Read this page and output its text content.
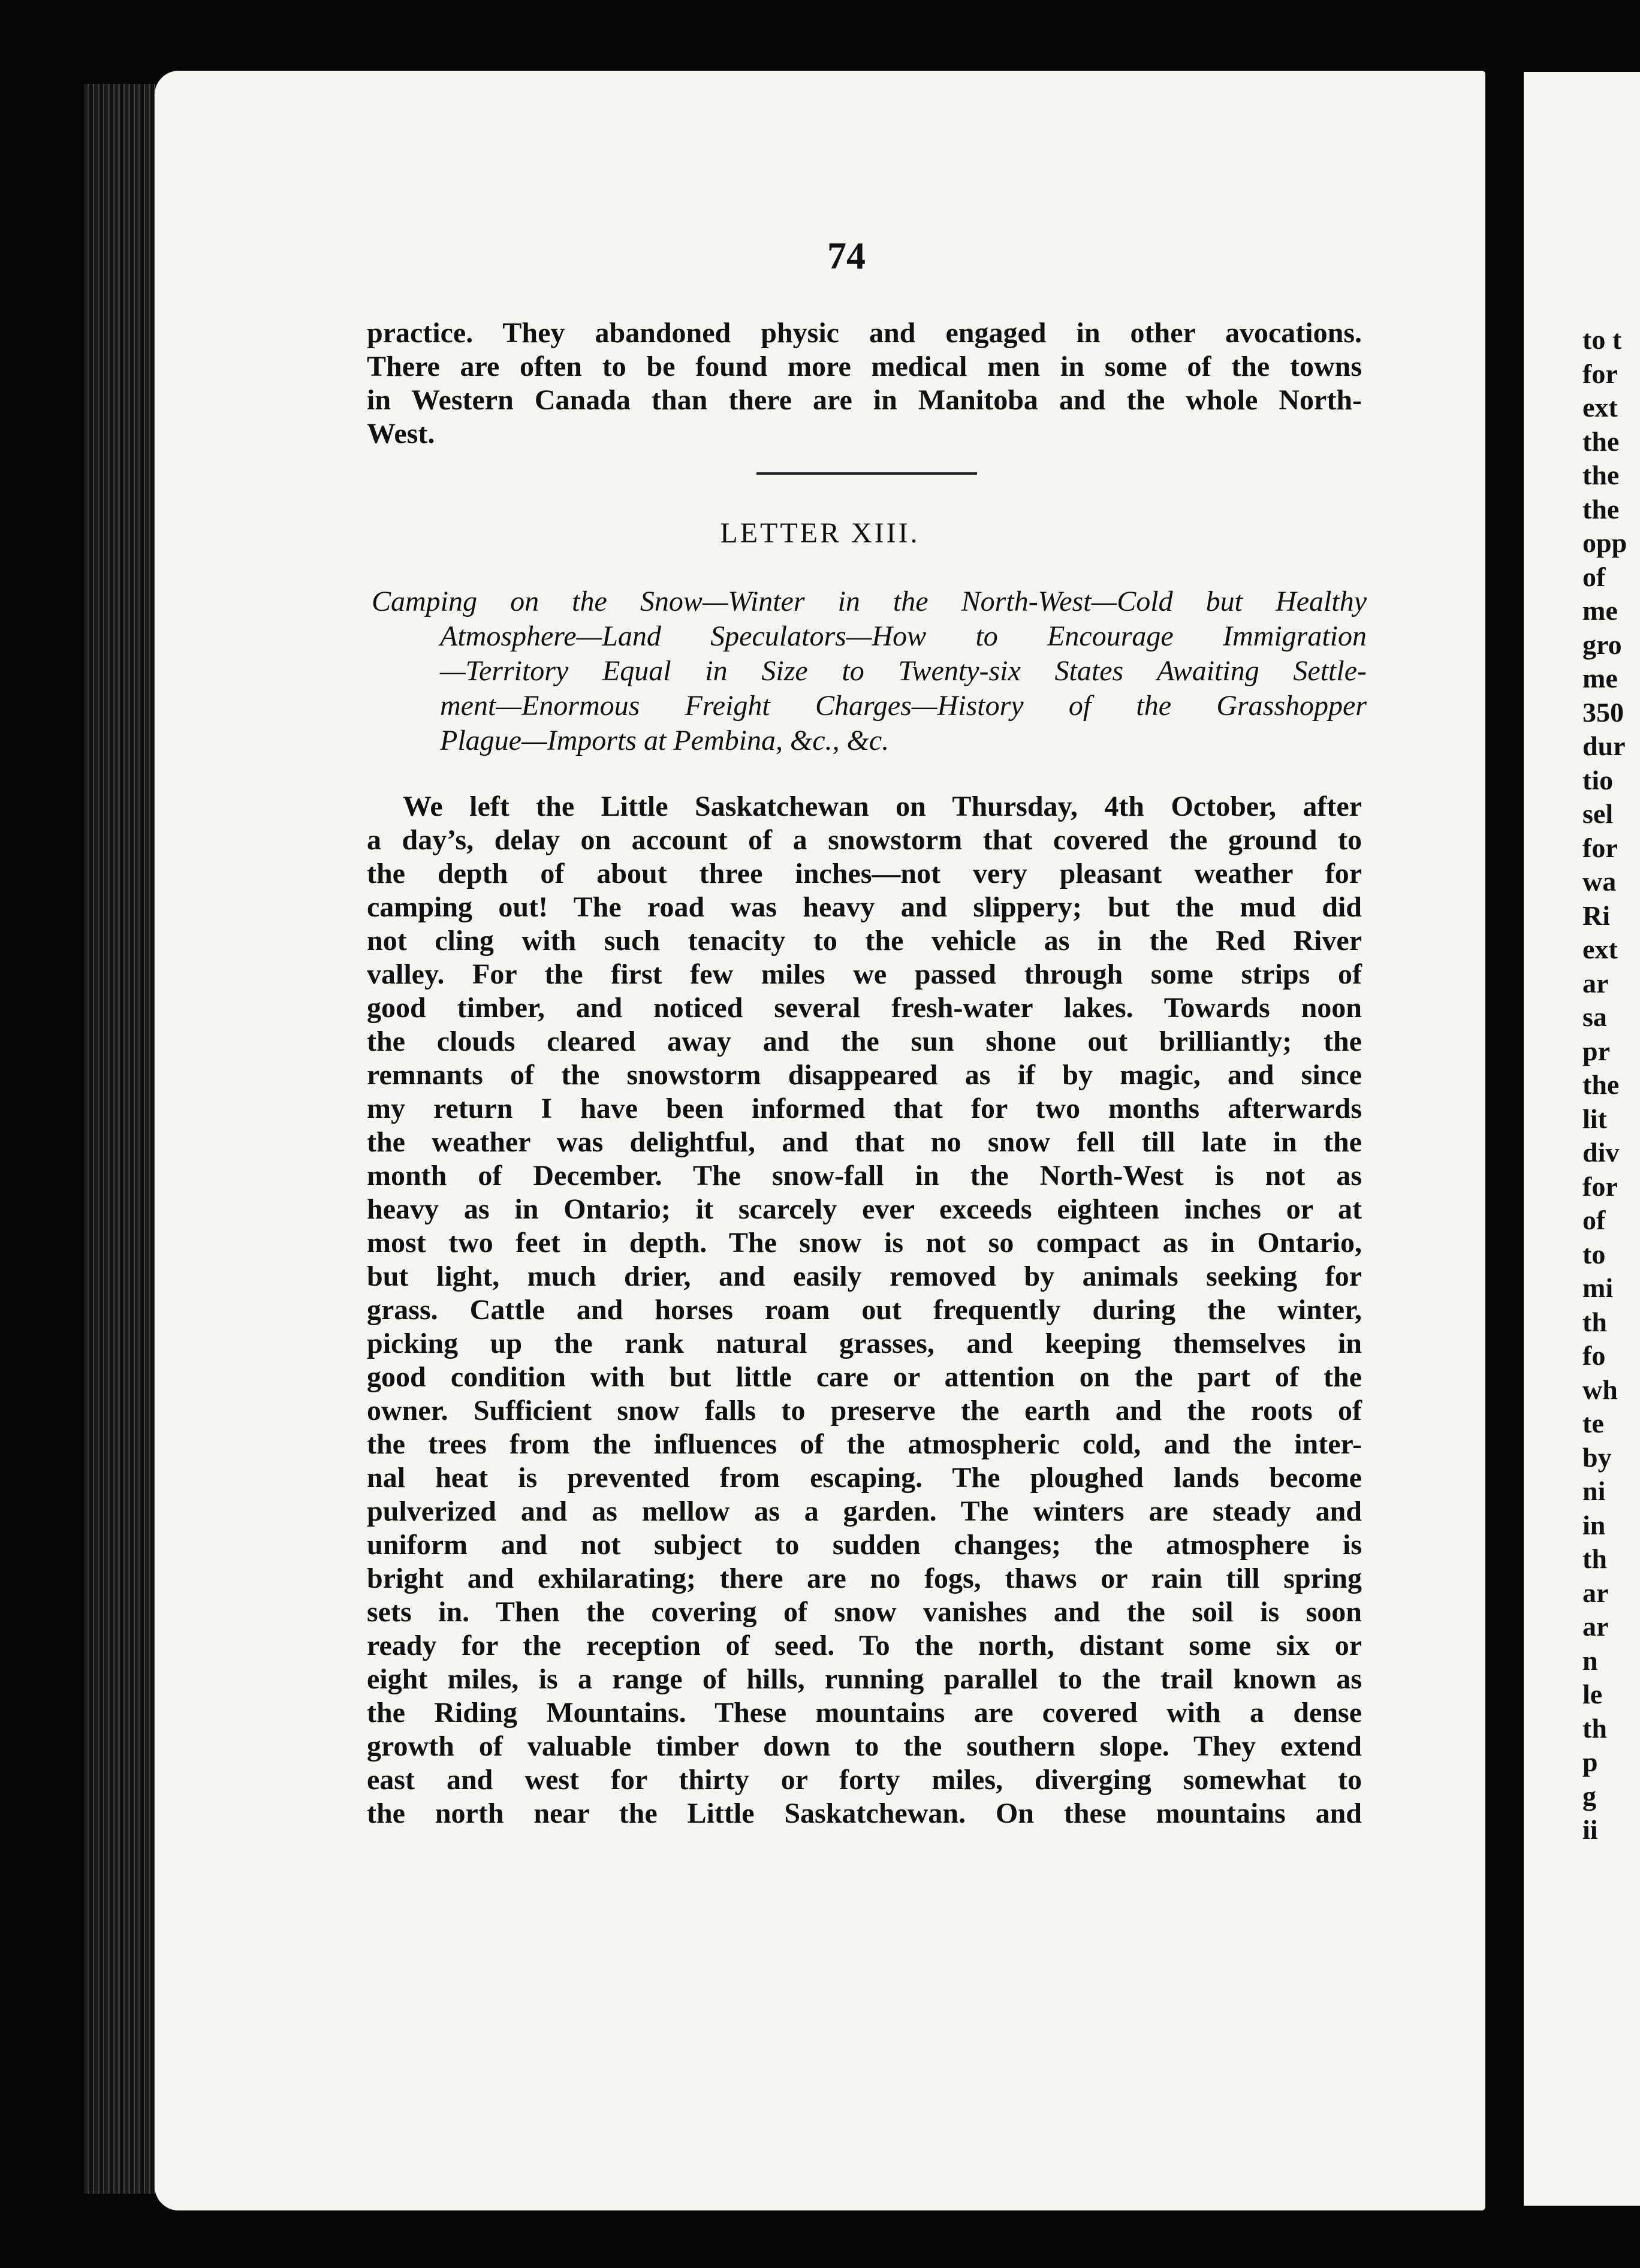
74
practice. They abandoned physic and engaged in other avocations.
There are often to be found more medical men in some of the towns
in Western Canada than there are in Manitoba and the whole North-
West.
LETTER XIII.
Camping on the Snow—Winter in the North-West—Cold but Healthy
Atmosphere—Land Speculators—How to Encourage Immigration
—Territory Equal in Size to Twenty-six States Awaiting Settle-
ment—Enormous Freight Charges—History of the Grasshopper
Plague—Imports at Pembina, &c., &c.
We left the Little Saskatchewan on Thursday, 4th October, after
a day’s, delay on account of a snowstorm that covered the ground to
the depth of about three inches—not very pleasant weather for
camping out! The road was heavy and slippery; but the mud did
not cling with such tenacity to the vehicle as in the Red River
valley. For the first few miles we passed through some strips of
good timber, and noticed several fresh-water lakes. Towards noon
the clouds cleared away and the sun shone out brilliantly; the
remnants of the snowstorm disappeared as if by magic, and since
my return I have been informed that for two months afterwards
the weather was delightful, and that no snow fell till late in the
month of December. The snow-fall in the North-West is not as
heavy as in Ontario; it scarcely ever exceeds eighteen inches or at
most two feet in depth. The snow is not so compact as in Ontario,
but light, much drier, and easily removed by animals seeking for
grass. Cattle and horses roam out frequently during the winter,
picking up the rank natural grasses, and keeping themselves in
good condition with but little care or attention on the part of the
owner. Sufficient snow falls to preserve the earth and the roots of
the trees from the influences of the atmospheric cold, and the inter-
nal heat is prevented from escaping. The ploughed lands become
pulverized and as mellow as a garden. The winters are steady and
uniform and not subject to sudden changes; the atmosphere is
bright and exhilarating; there are no fogs, thaws or rain till spring
sets in. Then the covering of snow vanishes and the soil is soon
ready for the reception of seed. To the north, distant some six or
eight miles, is a range of hills, running parallel to the trail known as
the Riding Mountains. These mountains are covered with a dense
growth of valuable timber down to the southern slope. They extend
east and west for thirty or forty miles, diverging somewhat to
the north near the Little Saskatchewan. On these mountains and
to t
for
ext
the
the
the
opp
of
me
gro
me
350
dur
tio
sel
for
wa
Ri
ext
ar
sa
pr
the
lit
div
for
of
to
mi
th
fo
wh
te
by
ni
in
th
ar
ar
n
le
th
p
g
ii
